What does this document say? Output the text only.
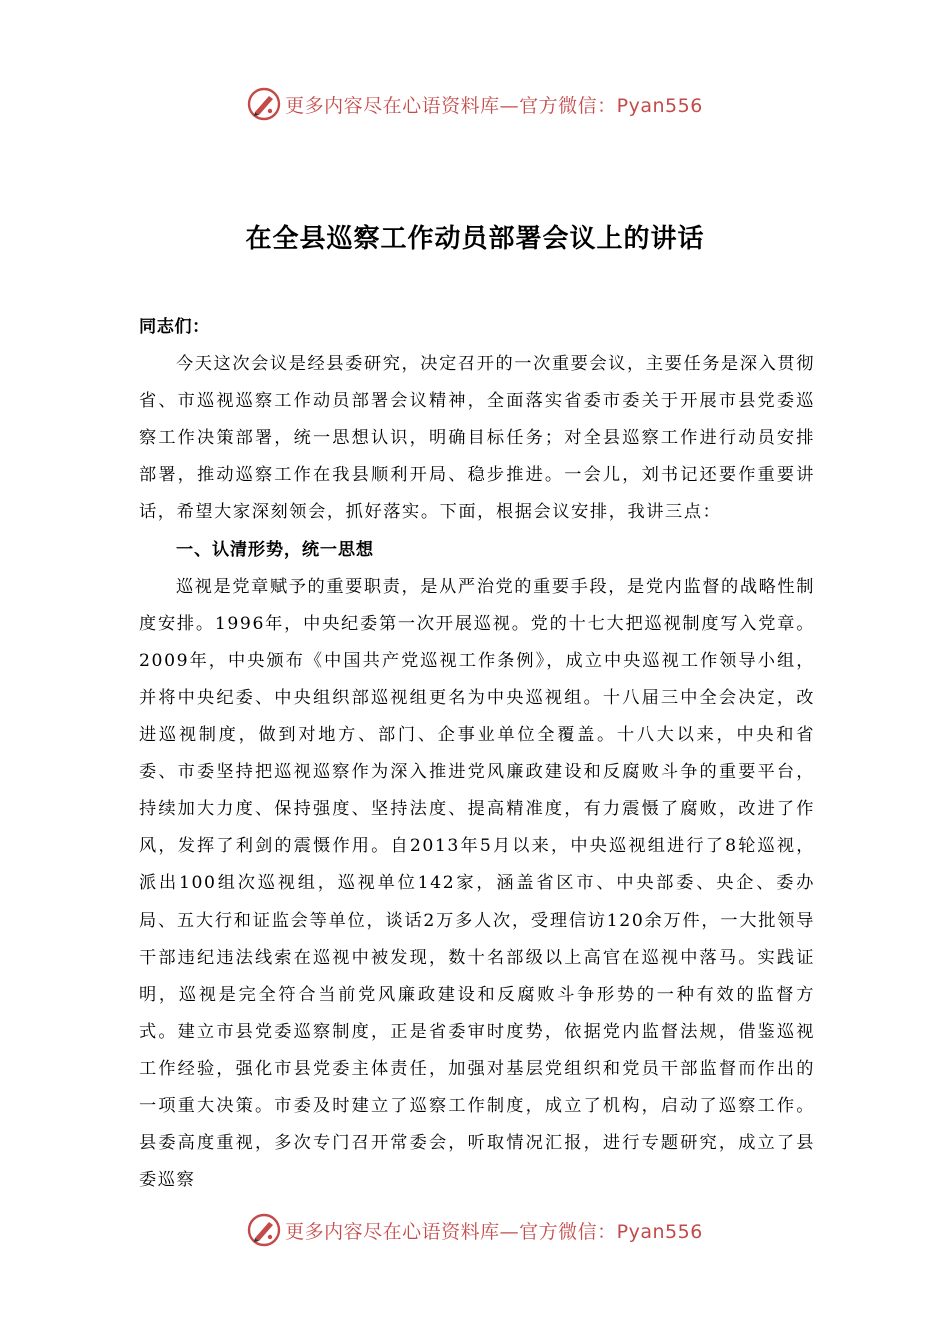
更多内容尽在心语资料库—官方微信：Pyan556
在全县巡察工作动员部署会议上的讲话

同志们：

今天这次会议是经县委研究，决定召开的一次重要会议，主要任务是深入贯彻省、市巡视巡察工作动员部署会议精神，全面落实省委市委关于开展市县党委巡察工作决策部署，统一思想认识，明确目标任务；对全县巡察工作进行动员安排部署，推动巡察工作在我县顺利开局、稳步推进。一会儿，刘书记还要作重要讲话，希望大家深刻领会，抓好落实。下面，根据会议安排，我讲三点：

一、认清形势，统一思想

巡视是党章赋予的重要职责，是从严治党的重要手段，是党内监督的战略性制度安排。1996年，中央纪委第一次开展巡视。党的十七大把巡视制度写入党章。2009年，中央颁布《中国共产党巡视工作条例》，成立中央巡视工作领导小组，并将中央纪委、中央组织部巡视组更名为中央巡视组。十八届三中全会决定，改进巡视制度，做到对地方、部门、企事业单位全覆盖。十八大以来，中央和省委、市委坚持把巡视巡察作为深入推进党风廉政建设和反腐败斗争的重要平台，持续加大力度、保持强度、坚持法度、提高精准度，有力震慑了腐败，改进了作风，发挥了利剑的震慑作用。自2013年5月以来，中央巡视组进行了8轮巡视，派出100组次巡视组，巡视单位142家，涵盖省区市、中央部委、央企、委办局、五大行和证监会等单位，谈话2万多人次，受理信访120余万件，一大批领导干部违纪违法线索在巡视中被发现，数十名部级以上高官在巡视中落马。实践证明，巡视是完全符合当前党风廉政建设和反腐败斗争形势的一种有效的监督方式。建立市县党委巡察制度，正是省委审时度势，依据党内监督法规，借鉴巡视工作经验，强化市县党委主体责任，加强对基层党组织和党员干部监督而作出的一项重大决策。市委及时建立了巡察工作制度，成立了机构，启动了巡察工作。县委高度重视，多次专门召开常委会，听取情况汇报，进行专题研究，成立了县委巡察

更多内容尽在心语资料库—官方微信：Pyan556
